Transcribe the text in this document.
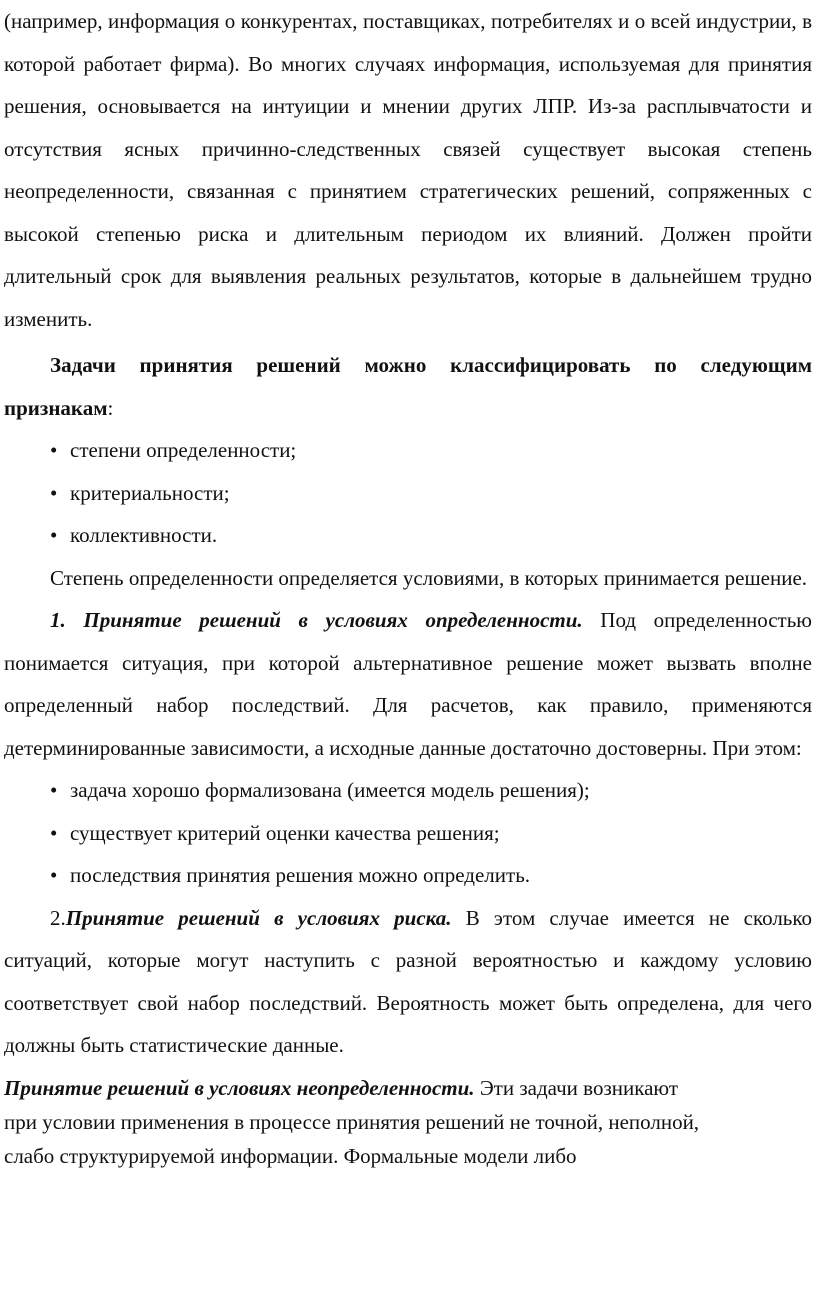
(например, информация о конкурентах, поставщиках, потребителях и о всей индустрии, в которой работает фирма). Во многих случаях информация, используемая для принятия решения, основывается на интуиции и мнении других ЛПР. Из-за расплывчатости и отсутствия ясных причинно-следственных связей существует высокая степень неопределенности, связанная с принятием стратегических решений, сопряженных с высокой степенью риска и длительным периодом их влияний. Должен пройти длительный срок для выявления реальных результатов, которые в дальнейшем трудно изменить.

Задачи принятия решений можно классифицировать по следующим признакам:

• степени определенности;
• критериальности;
• коллективности.

Степень определенности определяется условиями, в которых принимается решение.

1. Принятие решений в условиях определенности. Под определенностью понимается ситуация, при которой альтернативное решение может вызвать вполне определенный набор последствий. Для расчетов, как правило, применяются детерминированные зависимости, а исходные данные достаточно достоверны. При этом:

• задача хорошо формализована (имеется модель решения);
• существует критерий оценки качества решения;
• последствия принятия решения можно определить.

2.Принятие решений в условиях риска. В этом случае имеется не сколько ситуаций, которые могут наступить с разной вероятностью и каждому условию соответствует свой набор последствий. Вероятность может быть определена, для чего должны быть статистические данные.

Принятие решений в условиях неопределенности. Эти задачи возникают

при условии применения в процессе принятия решений не точной, неполной,

слабо структурируемой информации. Формальные модели либо
